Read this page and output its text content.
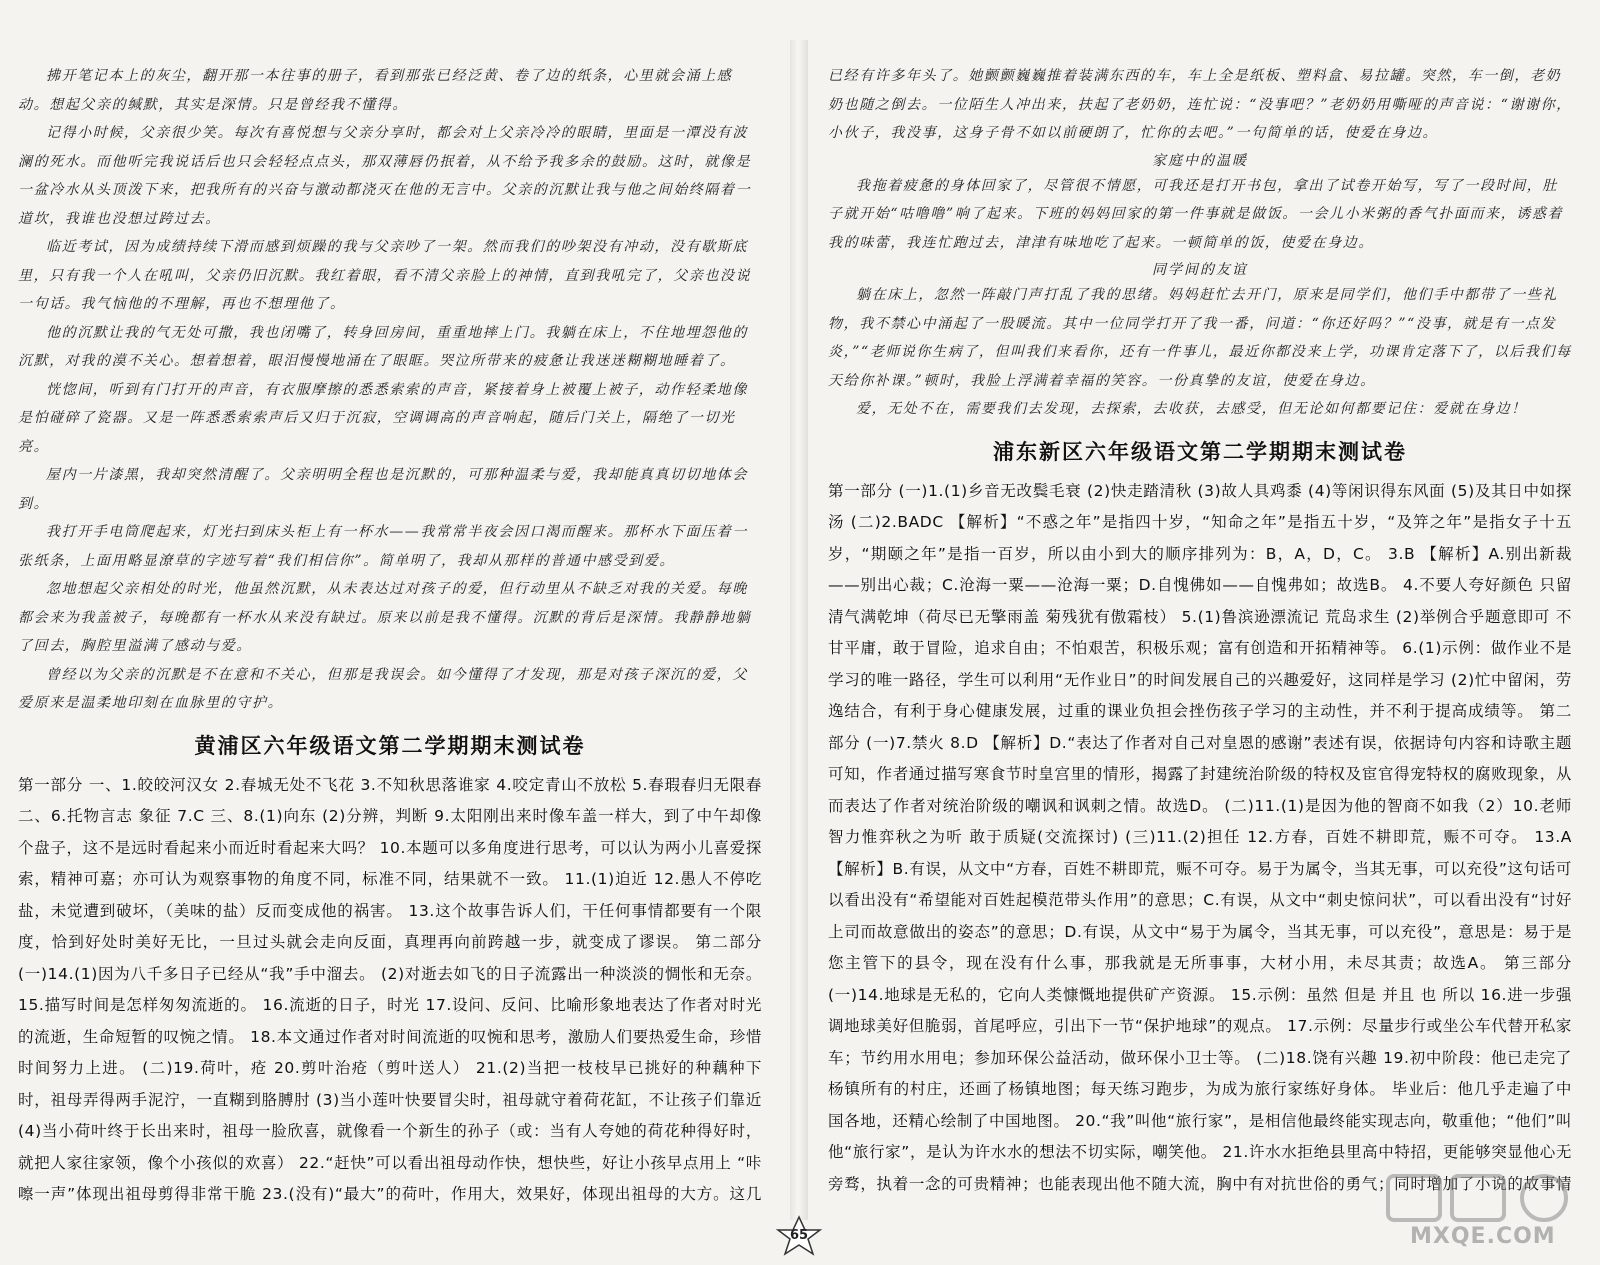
拂开笔记本上的灰尘，翻开那一本往事的册子，看到那张已经泛黄、卷了边的纸条，心里就会涌上感动。想起父亲的缄默，其实是深情。只是曾经我不懂得。

记得小时候，父亲很少笑。每次有喜悦想与父亲分享时，都会对上父亲冷冷的眼睛，里面是一潭没有波澜的死水。而他听完我说话后也只会轻轻点点头，那双薄唇仍抿着，从不给予我多余的鼓励。这时，就像是一盆冷水从头顶泼下来，把我所有的兴奋与激动都浇灭在他的无言中。父亲的沉默让我与他之间始终隔着一道坎，我谁也没想过跨过去。

临近考试，因为成绩持续下滑而感到烦躁的我与父亲吵了一架。然而我们的吵架没有冲动，没有歇斯底里，只有我一个人在吼叫，父亲仍旧沉默。我红着眼，看不清父亲脸上的神情，直到我吼完了，父亲也没说一句话。我气恼他的不理解，再也不想理他了。

他的沉默让我的气无处可撒，我也闭嘴了，转身回房间，重重地摔上门。我躺在床上，不住地埋怨他的沉默，对我的漠不关心。想着想着，眼泪慢慢地涌在了眼眶。哭泣所带来的疲惫让我迷迷糊糊地睡着了。

恍惚间，听到有门打开的声音，有衣服摩擦的悉悉索索的声音，紧接着身上被覆上被子，动作轻柔地像是怕碰碎了瓷器。又是一阵悉悉索索声后又归于沉寂，空调调高的声音响起，随后门关上，隔绝了一切光亮。

屋内一片漆黑，我却突然清醒了。父亲明明全程也是沉默的，可那种温柔与爱，我却能真真切切地体会到。

我打开手电筒爬起来，灯光扫到床头柜上有一杯水——我常常半夜会因口渴而醒来。那杯水下面压着一张纸条，上面用略显潦草的字迹写着“我们相信你”。简单明了，我却从那样的普通中感受到爱。

忽地想起父亲相处的时光，他虽然沉默，从未表达过对孩子的爱，但行动里从不缺乏对我的关爱。每晚都会来为我盖被子，每晚都有一杯水从来没有缺过。原来以前是我不懂得。沉默的背后是深情。我静静地躺了回去，胸腔里溢满了感动与爱。

曾经以为父亲的沉默是不在意和不关心，但那是我误会。如今懂得了才发现，那是对孩子深沉的爱，父爱原来是温柔地印刻在血脉里的守护。

黄浦区六年级语文第二学期期末测试卷

第一部分 一、1.皎皎河汉女 2.春城无处不飞花 3.不知秋思落谁家 4.咬定青山不放松 5.春瑕春归无限春 二、6.托物言志 象征 7.C 三、8.(1)向东 (2)分辨，判断 9.太阳刚出来时像车盖一样大，到了中午却像个盘子，这不是远时看起来小而近时看起来大吗？ 10.本题可以多角度进行思考，可以认为两小儿喜爱探索，精神可嘉；亦可认为观察事物的角度不同，标准不同，结果就不一致。 11.(1)迫近 12.愚人不停吃盐，未觉遭到破坏，（美味的盐）反而变成他的祸害。 13.这个故事告诉人们，干任何事情都要有一个限度，恰到好处时美好无比，一旦过头就会走向反面，真理再向前跨越一步，就变成了谬误。 第二部分 (一)14.(1)因为八千多日子已经从“我”手中溜去。 (2)对逝去如飞的日子流露出一种淡淡的惆怅和无奈。 15.描写时间是怎样匆匆流逝的。 16.流逝的日子，时光 17.设问、反问、比喻形象地表达了作者对时光的流逝，生命短暂的叹惋之情。 18.本文通过作者对时间流逝的叹惋和思考，激励人们要热爱生命，珍惜时间努力上进。 (二)19.荷叶，疮 20.剪叶治疮（剪叶送人） 21.(2)当把一枝枝早已挑好的种藕种下时，祖母弄得两手泥泞，一直糊到胳膊肘 (3)当小莲叶快要冒尖时，祖母就守着荷花缸，不让孩子们靠近 (4)当小荷叶终于长出来时，祖母一脸欣喜，就像看一个新生的孙子（或：当有人夸她的荷花种得好时，就把人家往家领，像个小孩似的欢喜） 22.“赶快”可以看出祖母动作快，想快些，好让小孩早点用上 “咔嚓一声”体现出祖母剪得非常干脆 23.(没有)“最大”的荷叶，作用大，效果好，体现出祖母的大方。这几

已经有许多年头了。她颤颤巍巍推着装满东西的车，车上全是纸板、塑料盒、易拉罐。突然，车一倒，老奶奶也随之倒去。一位陌生人冲出来，扶起了老奶奶，连忙说：“没事吧？”老奶奶用嘶哑的声音说：“谢谢你，小伙子，我没事，这身子骨不如以前硬朗了，忙你的去吧。”一句简单的话，使爱在身边。

家庭中的温暖

我拖着疲惫的身体回家了，尽管很不情愿，可我还是打开书包，拿出了试卷开始写，写了一段时间，肚子就开始“咕噜噜”响了起来。下班的妈妈回家的第一件事就是做饭。一会儿小米粥的香气扑面而来，诱惑着我的味蕾，我连忙跑过去，津津有味地吃了起来。一顿简单的饭，使爱在身边。

同学间的友谊

躺在床上，忽然一阵敲门声打乱了我的思绪。妈妈赶忙去开门，原来是同学们，他们手中都带了一些礼物，我不禁心中涌起了一股暖流。其中一位同学打开了我一番，问道：“你还好吗？”“没事，就是有一点发炎，”“老师说你生病了，但叫我们来看你，还有一件事儿，最近你都没来上学，功课肯定落下了，以后我们每天给你补课。”顿时，我脸上浮满着幸福的笑容。一份真挚的友谊，使爱在身边。

爱，无处不在，需要我们去发现，去探索，去收获，去感受，但无论如何都要记住：爱就在身边！

浦东新区六年级语文第二学期期末测试卷

第一部分 (一)1.(1)乡音无改鬓毛衰 (2)快走踏清秋 (3)故人具鸡黍 (4)等闲识得东风面 (5)及其日中如探汤 (二)2.BADC 【解析】“不惑之年”是指四十岁，“知命之年”是指五十岁，“及笄之年”是指女子十五岁，“期颐之年”是指一百岁，所以由小到大的顺序排列为：B，A，D，C。 3.B 【解析】A.别出新裁——别出心裁；C.沧海一粟——沧海一粟；D.自愧佛如——自愧弗如；故选B。 4.不要人夸好颜色 只留清气满乾坤（荷尽已无擎雨盖 菊残犹有傲霜枝） 5.(1)鲁滨逊漂流记 荒岛求生 (2)举例合乎题意即可 不甘平庸，敢于冒险，追求自由；不怕艰苦，积极乐观；富有创造和开拓精神等。 6.(1)示例：做作业不是学习的唯一路径，学生可以利用“无作业日”的时间发展自己的兴趣爱好，这同样是学习 (2)忙中留闲，劳逸结合，有利于身心健康发展，过重的课业负担会挫伤孩子学习的主动性，并不利于提高成绩等。 第二部分 (一)7.禁火 8.D 【解析】D.“表达了作者对自己对皇恩的感谢”表述有误，依据诗句内容和诗歌主题可知，作者通过描写寒食节时皇宫里的情形，揭露了封建统治阶级的特权及宦官得宠特权的腐败现象，从而表达了作者对统治阶级的嘲讽和讽刺之情。故选D。 (二)11.(1)是因为他的智商不如我（2）10.老师 智力惟弈秋之为听 敢于质疑(交流探讨) (三)11.(2)担任 12.方春，百姓不耕即荒，赈不可夺。 13.A 【解析】B.有误，从文中“方春，百姓不耕即荒，赈不可夺。易于为属令，当其无事，可以充役”这句话可以看出没有“希望能对百姓起模范带头作用”的意思；C.有误，从文中“刺史惊问状”，可以看出没有“讨好上司而故意做出的姿态”的意思；D.有误，从文中“易于为属令，当其无事，可以充役”，意思是：易于是您主管下的县令，现在没有什么事，那我就是无所事事，大材小用，未尽其责；故选A。 第三部分 (一)14.地球是无私的，它向人类慷慨地提供矿产资源。 15.示例：虽然 但是 并且 也 所以 16.进一步强调地球美好但脆弱，首尾呼应，引出下一节“保护地球”的观点。 17.示例：尽量步行或坐公车代替开私家车；节约用水用电；参加环保公益活动，做环保小卫士等。 (二)18.饶有兴趣 19.初中阶段：他已走完了杨镇所有的村庄，还画了杨镇地图；每天练习跑步，为成为旅行家练好身体。 毕业后：他几乎走遍了中国各地，还精心绘制了中国地图。 20.“我”叫他“旅行家”，是相信他最终能实现志向，敬重他；“他们”叫他“旅行家”，是认为许水水的想法不切实际，嘲笑他。 21.许水水拒绝县里高中特招，更能够突显他心无旁骛，执着一念的可贵精神；也能表现出他不随大流，胸中有对抗世俗的勇气；同时增加了小说的故事情

65	MXQE.COM
